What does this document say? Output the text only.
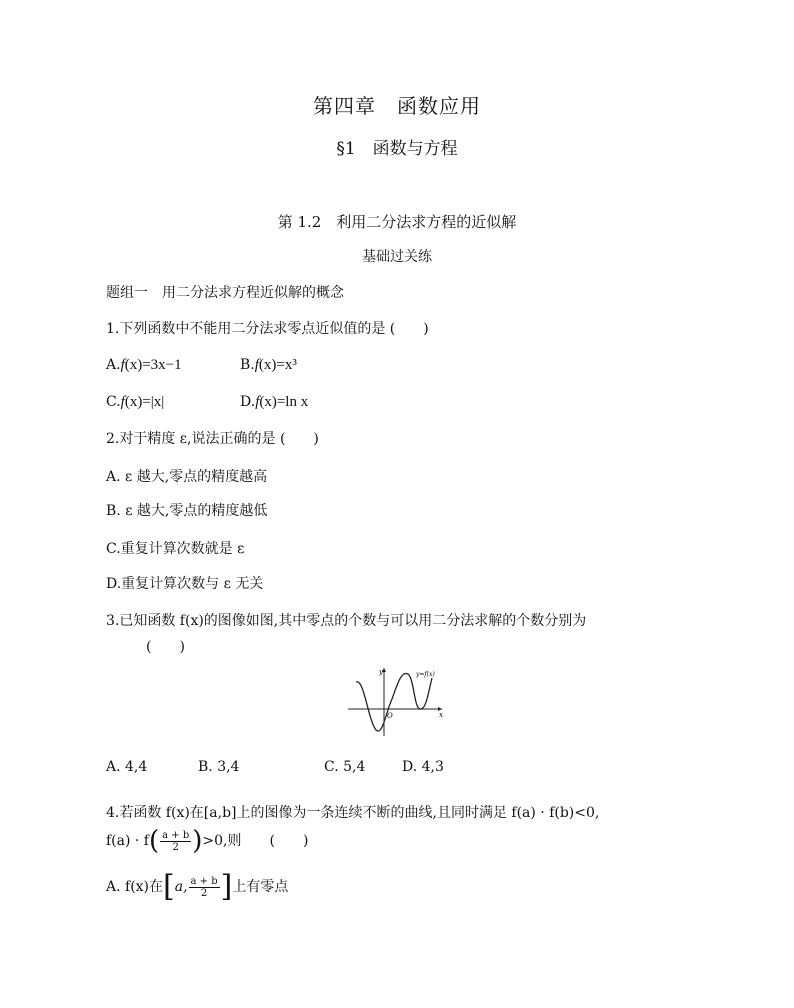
第四章　函数应用
§1　函数与方程
第 1.2　利用二分法求方程的近似解
基础过关练
题组一　用二分法求方程近似解的概念
1.下列函数中不能用二分法求零点近似值的是 (　　)
A.f(x)=3x−1	B.f(x)=x³
C.f(x)=|x|	D.f(x)=ln x
2.对于精度 ε,说法正确的是 (　　)
A. ε 越大,零点的精度越高
B. ε 越大,零点的精度越低
C.重复计算次数就是 ε
D.重复计算次数与 ε 无关
3.已知函数 f(x)的图像如图,其中零点的个数与可以用二分法求解的个数分别为
(　　)
y
x
O
y=f(x)
A. 4,4	B. 3,4	C. 5,4	D. 4,3
4.若函数 f(x)在[a,b]上的图像为一条连续不断的曲线,且同时满足 f(a) · f(b)<0,
$f(a) \cdot f( \frac{a + b}{2} )>0$,则　　(　　)
A. f(x)在[a, $\frac{a + b}{2}$ ]上有零点
